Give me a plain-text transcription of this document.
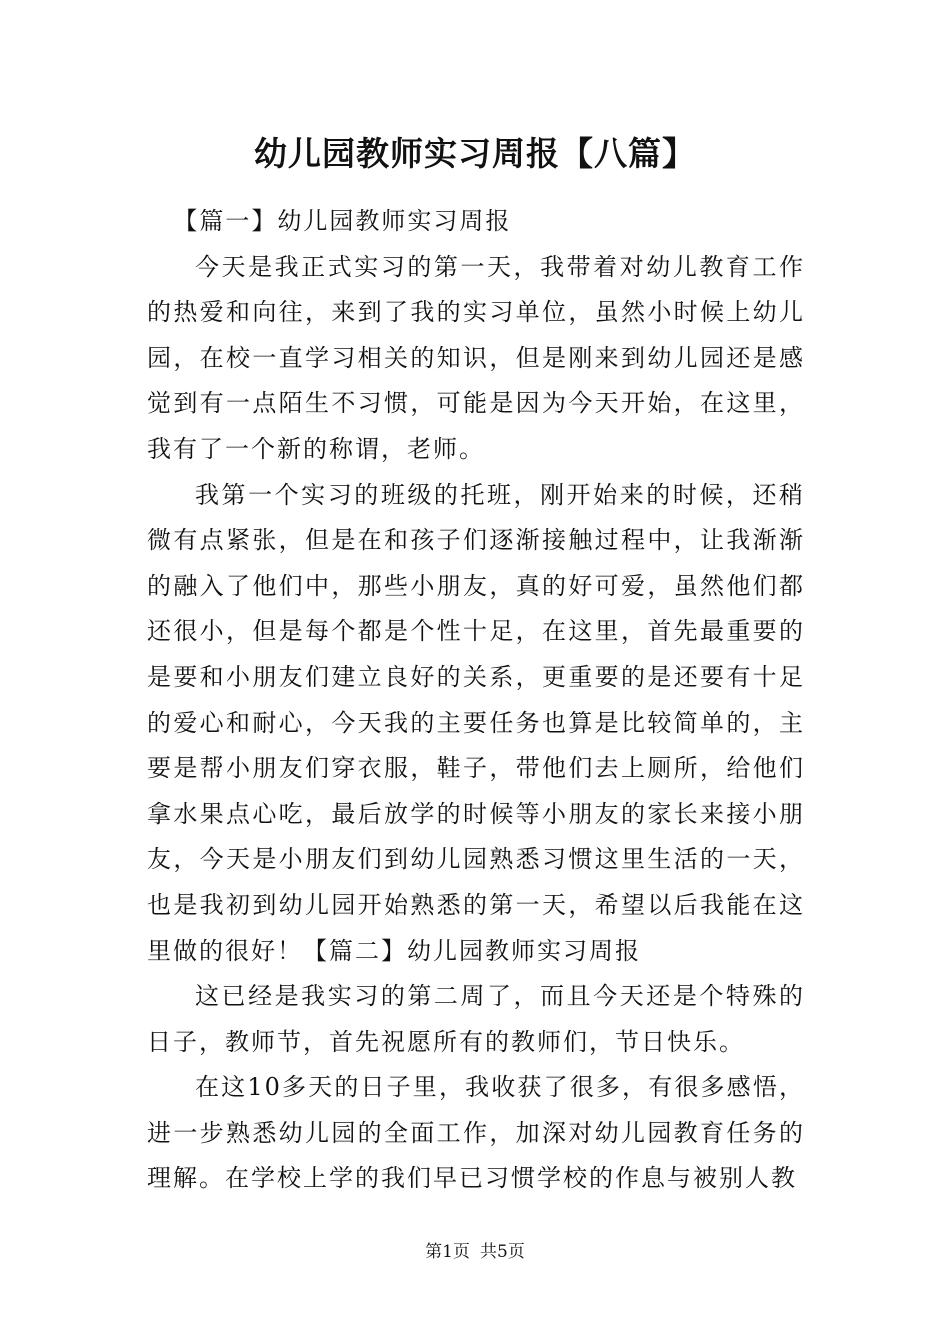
幼儿园教师实习周报【八篇】

【篇一】幼儿园教师实习周报

今天是我正式实习的第一天，我带着对幼儿教育工作的热爱和向往，来到了我的实习单位，虽然小时候上幼儿园，在校一直学习相关的知识，但是刚来到幼儿园还是感觉到有一点陌生不习惯，可能是因为今天开始，在这里，我有了一个新的称谓，老师。

我第一个实习的班级的托班，刚开始来的时候，还稍微有点紧张，但是在和孩子们逐渐接触过程中，让我渐渐的融入了他们中，那些小朋友，真的好可爱，虽然他们都还很小，但是每个都是个性十足，在这里，首先最重要的是要和小朋友们建立良好的关系，更重要的是还要有十足的爱心和耐心，今天我的主要任务也算是比较简单的，主要是帮小朋友们穿衣服，鞋子，带他们去上厕所，给他们拿水果点心吃，最后放学的时候等小朋友的家长来接小朋友，今天是小朋友们到幼儿园熟悉习惯这里生活的一天，也是我初到幼儿园开始熟悉的第一天，希望以后我能在这里做的很好！【篇二】幼儿园教师实习周报

这已经是我实习的第二周了，而且今天还是个特殊的日子，教师节，首先祝愿所有的教师们，节日快乐。

在这10多天的日子里，我收获了很多，有很多感悟，进一步熟悉幼儿园的全面工作，加深对幼儿园教育任务的理解。在学校上学的我们早已习惯学校的作息与被别人教

第1页 共5页
